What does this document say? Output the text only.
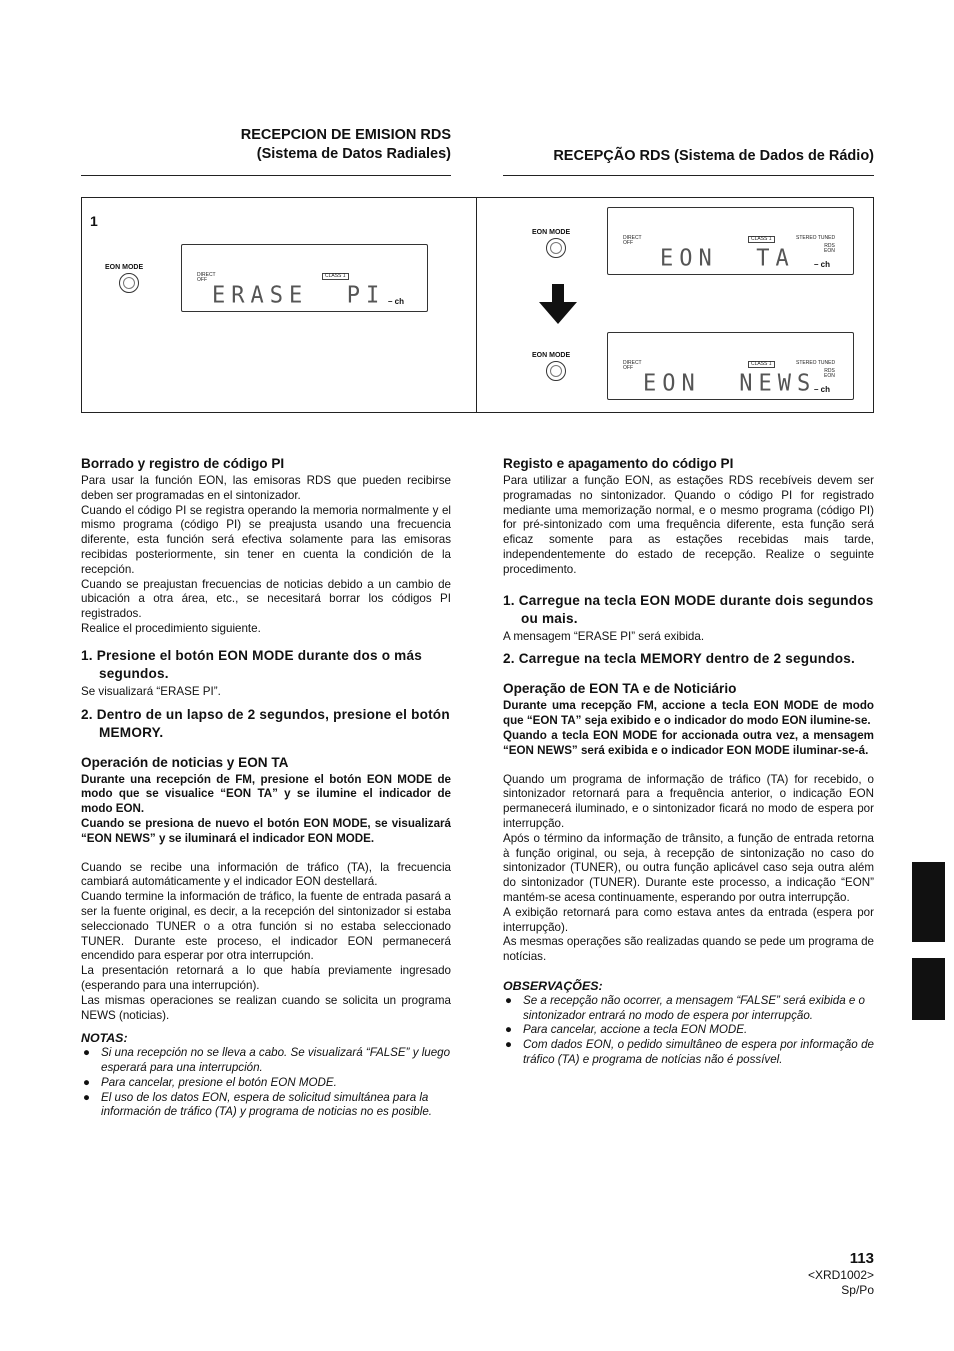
RECEPCION DE EMISION RDS
(Sistema de Datos Radiales)	RECEPÇÃO RDS (Sistema de Dados de Rádio)
1
EON MODE
DIRECT
OFF
CLASS 1
ERASE  PI – ch
EON MODE
DIRECT
OFF
CLASS 1	STEREO TUNED
RDS
EON
EON  TA – ch
EON MODE
DIRECT
OFF
CLASS 1	STEREO TUNED
RDS
EON
EON  NEWS
– ch
Borrado y registro de código PI

Para usar la función EON, las emisoras RDS que pueden recibirse deben ser programadas en el sintonizador.

Cuando el código PI se registra operando la memoria normalmente y el mismo programa (código PI) se preajusta usando una frecuencia diferente, esta función será efectiva solamente para las emisoras recibidas posteriormente, sin tener en cuenta la condición de la recepción.

Cuando se preajustan frecuencias de noticias debido a un cambio de ubicación a otra área, etc., se necesitará borrar los códigos PI registrados.

Realice el procedimiento siguiente.

1. Presione el botón EON MODE durante dos o más segundos.

Se visualizará “ERASE PI”.

2. Dentro de un lapso de 2 segundos, presione el botón MEMORY.
Operación de noticias y EON TA

Durante una recepción de FM, presione el botón EON MODE de modo que se visualice “EON TA” y se ilumine el indicador de modo EON.

Cuando se presiona de nuevo el botón EON MODE, se visualizará “EON NEWS” y se iluminará el indicador EON MODE.

Cuando se recibe una información de tráfico (TA), la frecuencia cambiará automáticamente y el indicador EON destellará.

Cuando termine la información de tráfico, la fuente de entrada pasará a ser la fuente original, es decir, a la recepción del sintonizador si estaba seleccionado TUNER o a otra función si no estaba seleccionado TUNER. Durante este proceso, el indicador EON permanecerá encendido para esperar por otra interrupción.

La presentación retornará a lo que había previamente ingresado (esperando para una interrupción).

Las mismas operaciones se realizan cuando se solicita un programa NEWS (noticias).

NOTAS:
● Si una recepción no se lleva a cabo. Se visualizará “FALSE” y luego esperará para una interrupción.
● Para cancelar, presione el botón EON MODE.
● El uso de los datos EON, espera de solicitud simultánea para la información de tráfico (TA) y programa de noticias no es posible.
Registo e apagamento do código PI

Para utilizar a função EON, as estações RDS recebíveis devem ser programadas no sintonizador. Quando o código PI for registrado mediante uma memorização normal, e o mesmo programa (código PI) for pré-sintonizado com uma frequência diferente, esta função será eficaz somente para as estações recebidas mais tarde, independentemente do estado de recepção. Realize o seguinte procedimento.

1. Carregue na tecla EON MODE durante dois segundos ou mais.

A mensagem “ERASE PI” será exibida.

2. Carregue na tecla MEMORY dentro de 2 segundos.
Operação de EON TA e de Noticiário

Durante uma recepção FM, accione a tecla EON MODE de modo que “EON TA” seja exibido e o indicador do modo EON ilumine-se.

Quando a tecla EON MODE for accionada outra vez, a mensagem “EON NEWS” será exibida e o indicador EON MODE iluminar-se-á.

Quando um programa de informação de tráfico (TA) for recebido, o sintonizador retornará para a frequência anterior, o indicação EON permanecerá iluminado, e o sintonizador ficará no modo de espera por interrupção.

Após o término da informação de trânsito, a função de entrada retorna à função original, ou seja, à recepção de sintonização no caso do sintonizador (TUNER), ou outra função aplicável caso seja outra além do sintonizador (TUNER). Durante este processo, a indicação “EON” mantém-se acesa continuamente, esperando por outra interrupção.

A exibição retornará para como estava antes da entrada (espera por interrupção).

As mesmas operações são realizadas quando se pede um programa de notícias.

OBSERVAÇÕES:
● Se a recepção não ocorrer, a mensagem “FALSE” será exibida e o sintonizador entrará no modo de espera por interrupção.
● Para cancelar, accione a tecla EON MODE.
● Com dados EON, o pedido simultâneo de espera por informação de tráfico (TA) e programa de notícias não é possível.
113
<XRD1002>
Sp/Po
